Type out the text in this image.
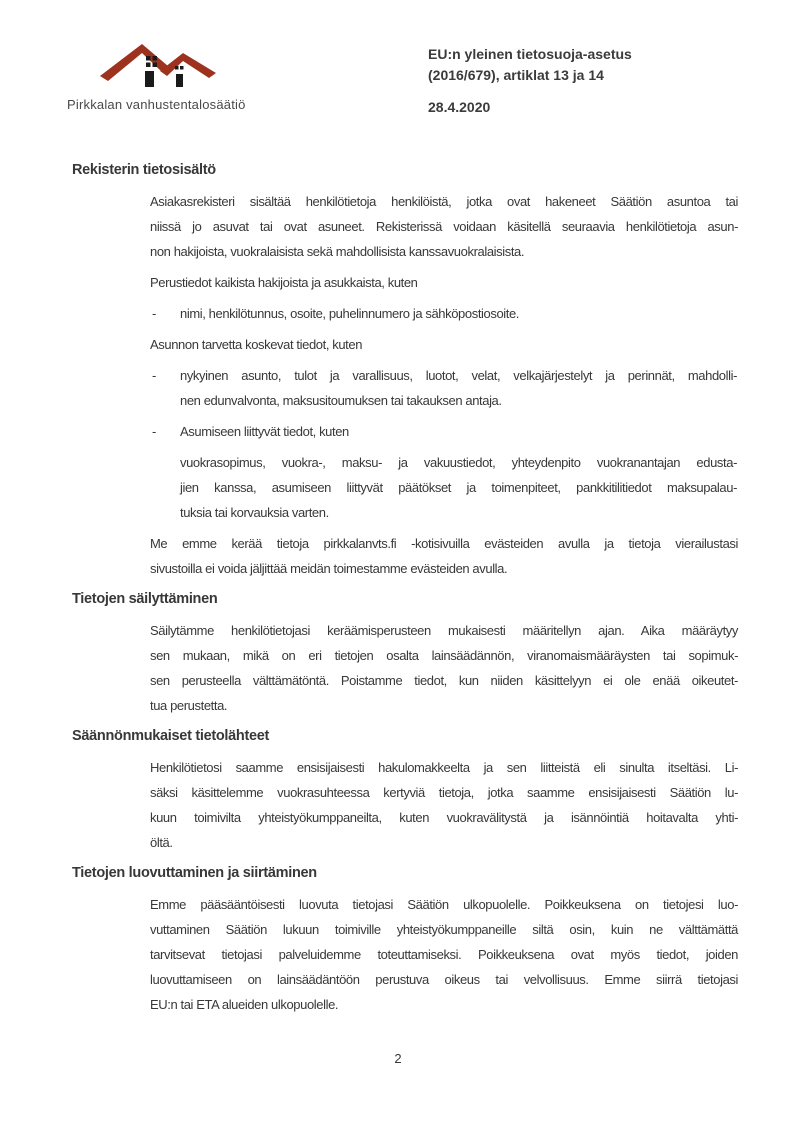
Pirkkalan vanhustentalosäätiö
EU:n yleinen tietosuoja-asetus
(2016/679), artiklat 13 ja 14
28.4.2020
Rekisterin tietosisältö
Asiakasrekisteri sisältää henkilötietoja henkilöistä, jotka ovat hakeneet Säätiön asuntoa tai
niissä jo asuvat tai ovat asuneet. Rekisterissä voidaan käsitellä seuraavia henkilötietoja asun-
non hakijoista, vuokralaisista sekä mahdollisista kanssavuokralaisista.
Perustiedot kaikista hakijoista ja asukkaista, kuten
- nimi, henkilötunnus, osoite, puhelinnumero ja sähköpostiosoite.
Asunnon tarvetta koskevat tiedot, kuten
- nykyinen asunto, tulot ja varallisuus, luotot, velat, velkajärjestelyt ja perinnät, mahdolli-
nen edunvalvonta, maksusitoumuksen tai takauksen antaja.
- Asumiseen liittyvät tiedot, kuten
vuokrasopimus, vuokra-, maksu- ja vakuustiedot, yhteydenpito vuokranantajan edusta-
jien kanssa, asumiseen liittyvät päätökset ja toimenpiteet, pankkitilitiedot maksupalau-
tuksia tai korvauksia varten.
Me emme kerää tietoja pirkkalanvts.fi -kotisivuilla evästeiden avulla ja tietoja vierailustasi
sivustoilla ei voida jäljittää meidän toimestamme evästeiden avulla.
Tietojen säilyttäminen
Säilytämme henkilötietojasi keräämisperusteen mukaisesti määritellyn ajan. Aika määräytyy
sen mukaan, mikä on eri tietojen osalta lainsäädännön, viranomaismääräysten tai sopimuk-
sen perusteella välttämätöntä. Poistamme tiedot, kun niiden käsittelyyn ei ole enää oikeutet-
tua perustetta.
Säännönmukaiset tietolähteet
Henkilötietosi saamme ensisijaisesti hakulomakkeelta ja sen liitteistä eli sinulta itseltäsi. Li-
säksi käsittelemme vuokrasuhteessa kertyviä tietoja, jotka saamme ensisijaisesti Säätiön lu-
kuun toimivilta yhteistyökumppaneilta, kuten vuokravälitystä ja isännöintiä hoitavalta yhti-
öltä.
Tietojen luovuttaminen ja siirtäminen
Emme pääsääntöisesti luovuta tietojasi Säätiön ulkopuolelle. Poikkeuksena on tietojesi luo-
vuttaminen Säätiön lukuun toimiville yhteistyökumppaneille siltä osin, kuin ne välttämättä
tarvitsevat tietojasi palveluidemme toteuttamiseksi. Poikkeuksena ovat myös tiedot, joiden
luovuttamiseen on lainsäädäntöön perustuva oikeus tai velvollisuus. Emme siirrä tietojasi
EU:n tai ETA alueiden ulkopuolelle.
2
